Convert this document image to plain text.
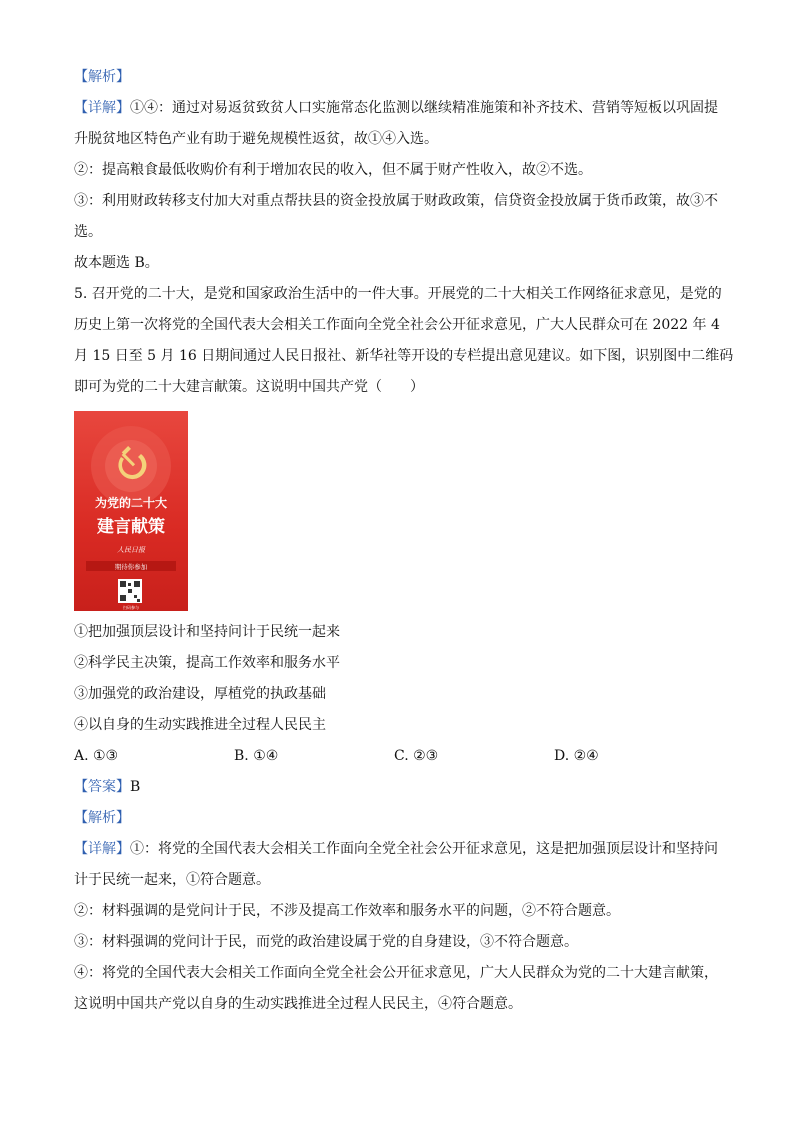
【解析】
【详解】①④：通过对易返贫致贫人口实施常态化监测以继续精准施策和补齐技术、营销等短板以巩固提
升脱贫地区特色产业有助于避免规模性返贫，故①④入选。
②：提高粮食最低收购价有利于增加农民的收入，但不属于财产性收入，故②不选。
③：利用财政转移支付加大对重点帮扶县的资金投放属于财政政策，信贷资金投放属于货币政策，故③不
选。
故本题选 B。
5. 召开党的二十大，是党和国家政治生活中的一件大事。开展党的二十大相关工作网络征求意见，是党的
历史上第一次将党的全国代表大会相关工作面向全党全社会公开征求意见，广大人民群众可在 2022 年 4
月 15 日至 5 月 16 日期间通过人民日报社、新华社等开设的专栏提出意见建议。如下图，识别图中二维码
即可为党的二十大建言献策。这说明中国共产党（　　）
为党的二十大
建言献策
人民日报
期待你参加
扫码参与
①把加强顶层设计和坚持问计于民统一起来
②科学民主决策，提高工作效率和服务水平
③加强党的政治建设，厚植党的执政基础
④以自身的生动实践推进全过程人民民主
A. ①③	B. ①④	C. ②③	D. ②④
【答案】B
【解析】
【详解】①：将党的全国代表大会相关工作面向全党全社会公开征求意见，这是把加强顶层设计和坚持问
计于民统一起来，①符合题意。
②：材料强调的是党问计于民，不涉及提高工作效率和服务水平的问题，②不符合题意。
③：材料强调的党问计于民，而党的政治建设属于党的自身建设，③不符合题意。
④：将党的全国代表大会相关工作面向全党全社会公开征求意见，广大人民群众为党的二十大建言献策，
这说明中国共产党以自身的生动实践推进全过程人民民主，④符合题意。
